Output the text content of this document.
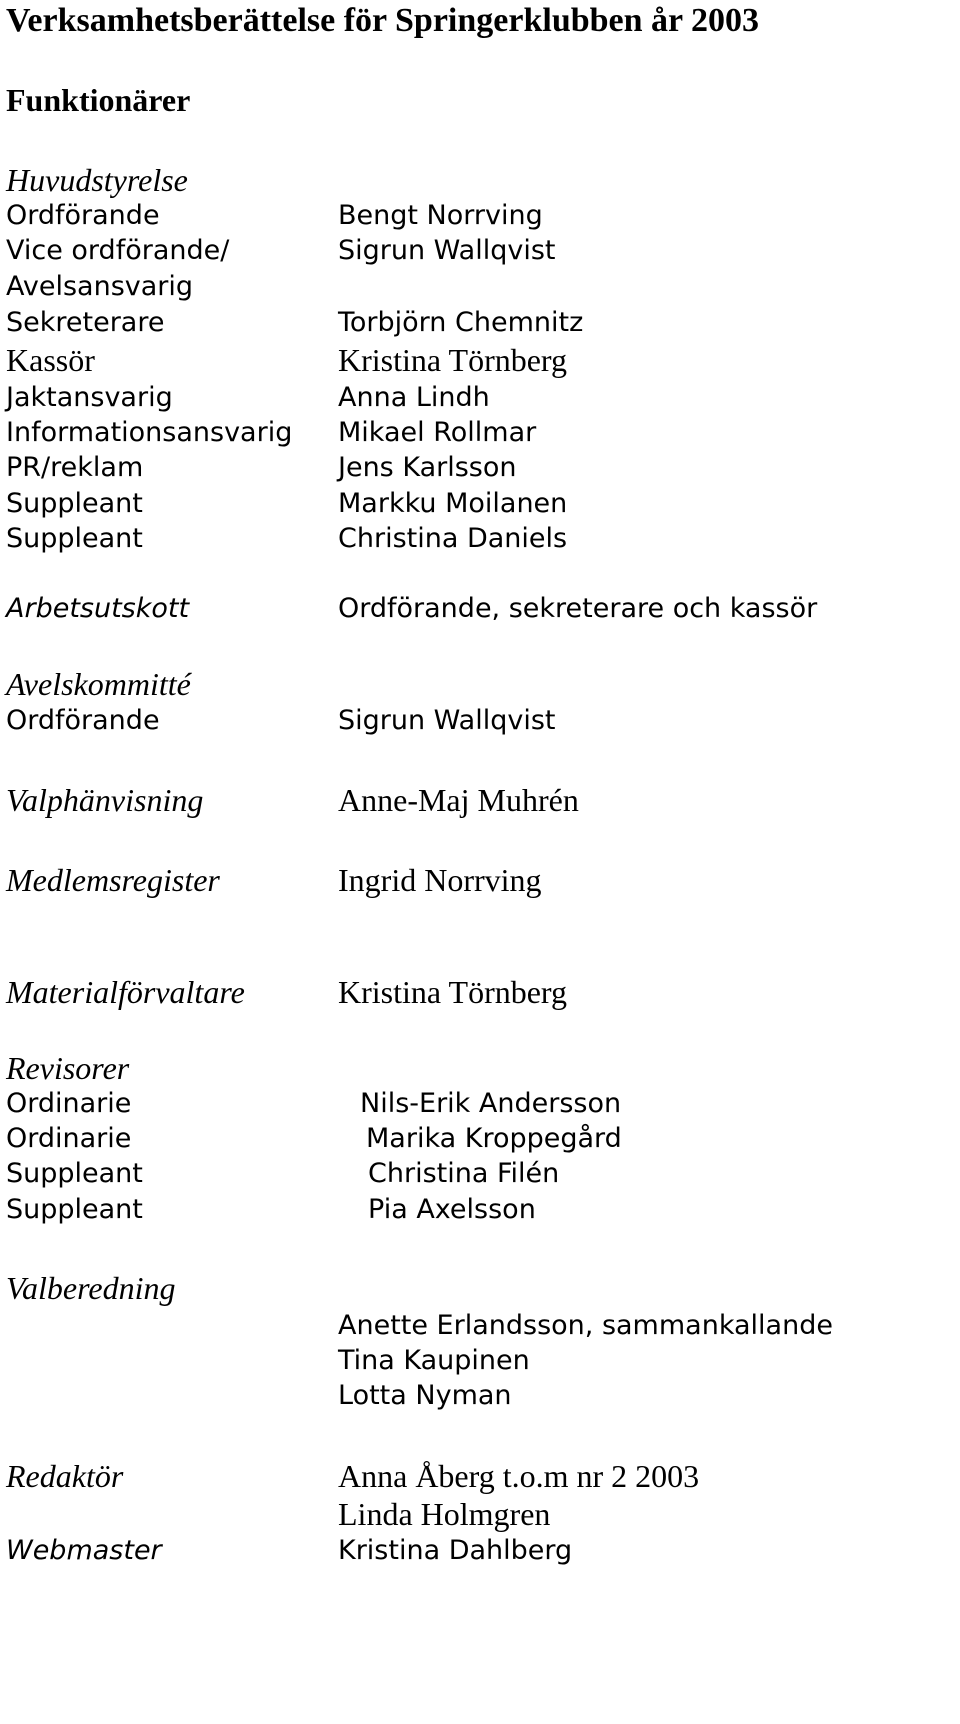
Verksamhetsberättelse för Springerklubben år 2003
Funktionärer
Huvudstyrelse
Ordförande	Bengt Norrving
Vice ordförande/	Sigrun Wallqvist
Avelsansvarig
Sekreterare	Torbjörn Chemnitz
Kassör	Kristina Törnberg
Jaktansvarig	Anna Lindh
Informationsansvarig Mikael Rollmar
PR/reklam	Jens Karlsson
Suppleant	Markku Moilanen
Suppleant	Christina Daniels
Arbetsutskott	Ordförande, sekreterare och kassör
Avelskommitté
Ordförande	Sigrun Wallqvist
Valphänvisning	Anne-Maj Muhrén
Medlemsregister	Ingrid Norrving
Materialförvaltare	Kristina Törnberg
Revisorer
Ordinarie	Nils-Erik Andersson
Ordinarie	Marika Kroppegård
Suppleant	Christina Filén
Suppleant	Pia Axelsson
Valberedning
Anette Erlandsson, sammankallande
Tina Kaupinen
Lotta Nyman
Redaktör	Anna Åberg t.o.m nr 2 2003
Linda Holmgren
Webmaster	Kristina Dahlberg
